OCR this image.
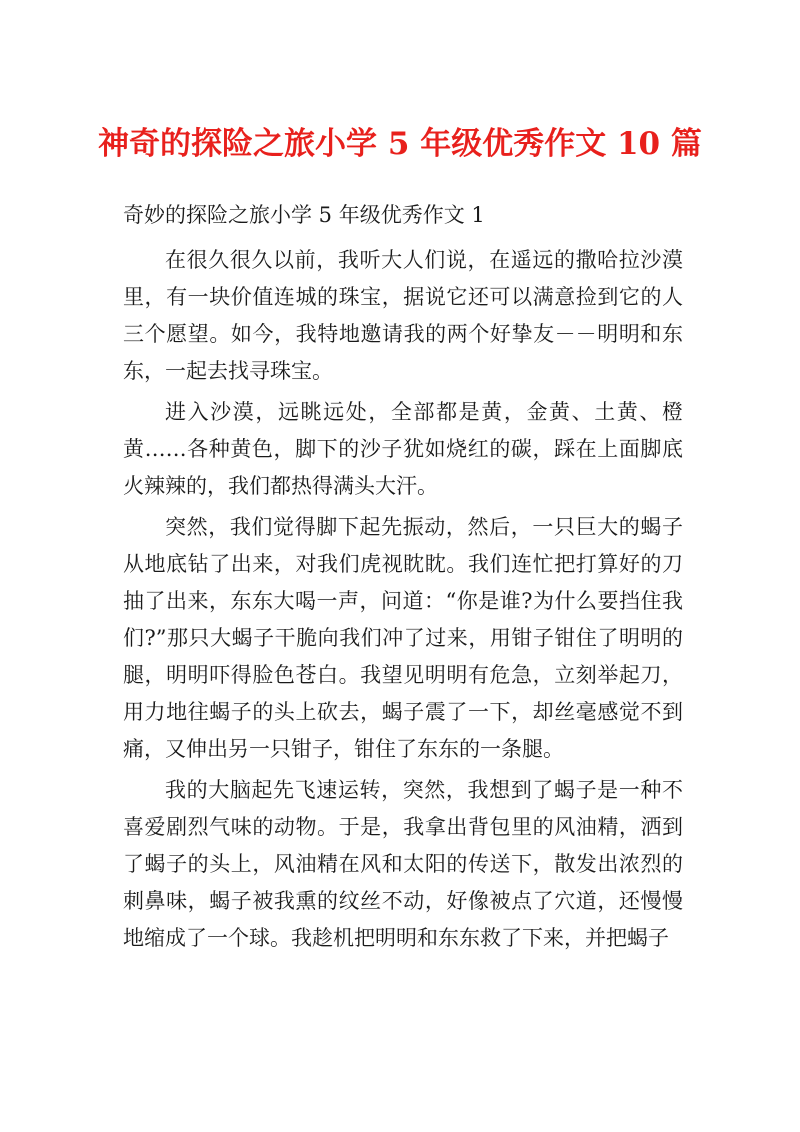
神奇的探险之旅小学 5 年级优秀作文 10 篇

奇妙的探险之旅小学 5 年级优秀作文 1

在很久很久以前，我听大人们说，在遥远的撒哈拉沙漠里，有一块价值连城的珠宝，据说它还可以满意捡到它的人三个愿望。如今，我特地邀请我的两个好挚友－－明明和东东，一起去找寻珠宝。

进入沙漠，远眺远处，全部都是黄，金黄、土黄、橙黄……各种黄色，脚下的沙子犹如烧红的碳，踩在上面脚底火辣辣的，我们都热得满头大汗。

突然，我们觉得脚下起先振动，然后，一只巨大的蝎子从地底钻了出来，对我们虎视眈眈。我们连忙把打算好的刀抽了出来，东东大喝一声，问道：“你是谁?为什么要挡住我们?”那只大蝎子干脆向我们冲了过来，用钳子钳住了明明的腿，明明吓得脸色苍白。我望见明明有危急，立刻举起刀，用力地往蝎子的头上砍去，蝎子震了一下，却丝毫感觉不到痛，又伸出另一只钳子，钳住了东东的一条腿。

我的大脑起先飞速运转，突然，我想到了蝎子是一种不喜爱剧烈气味的动物。于是，我拿出背包里的风油精，洒到了蝎子的头上，风油精在风和太阳的传送下，散发出浓烈的刺鼻味，蝎子被我熏的纹丝不动，好像被点了穴道，还慢慢地缩成了一个球。我趁机把明明和东东救了下来，并把蝎子
